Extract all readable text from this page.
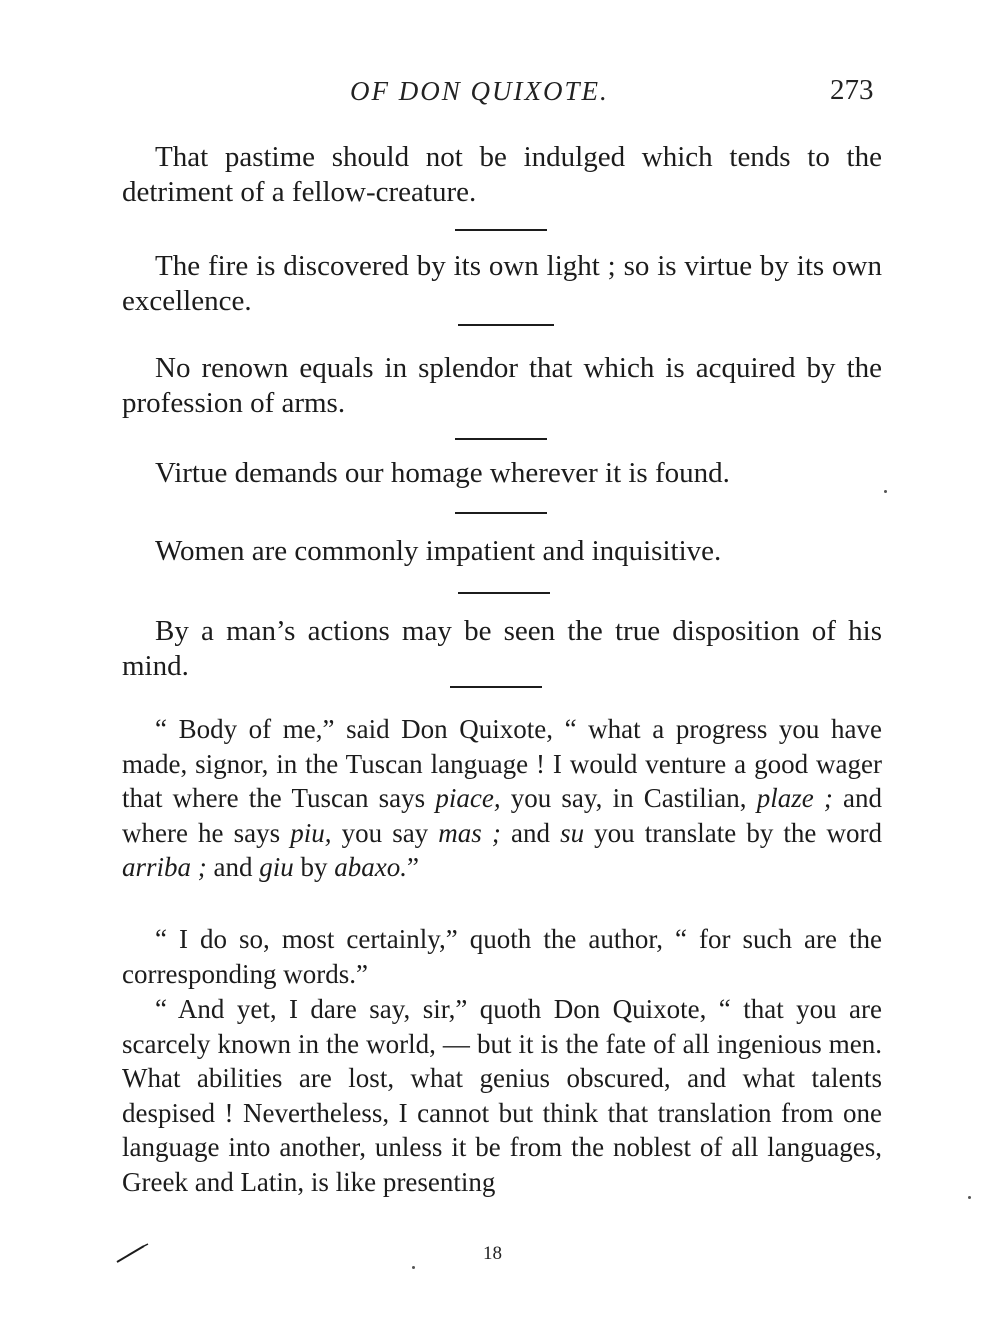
OF DON QUIXOTE.	273

That pastime should not be indulged which tends to the detriment of a fellow-creature.

The fire is discovered by its own light ; so is virtue by its own excellence.

No renown equals in splendor that which is acquired by the profession of arms.

Virtue demands our homage wherever it is found.

Women are commonly impatient and inquisitive.

By a man’s actions may be seen the true disposition of his mind.

“ Body of me,” said Don Quixote, “ what a progress you have made, signor, in the Tuscan language ! I would venture a good wager that where the Tuscan says piace, you say, in Castilian, plaze ; and where he says piu, you say mas ; and su you translate by the word arriba ; and giu by abaxo.”

“ I do so, most certainly,” quoth the author, “ for such are the corresponding words.”

“ And yet, I dare say, sir,” quoth Don Quixote, “ that you are scarcely known in the world, — but it is the fate of all ingenious men. What abilities are lost, what genius obscured, and what talents despised ! Nevertheless, I cannot but think that translation from one language into another, unless it be from the noblest of all languages, Greek and Latin, is like presenting

18
